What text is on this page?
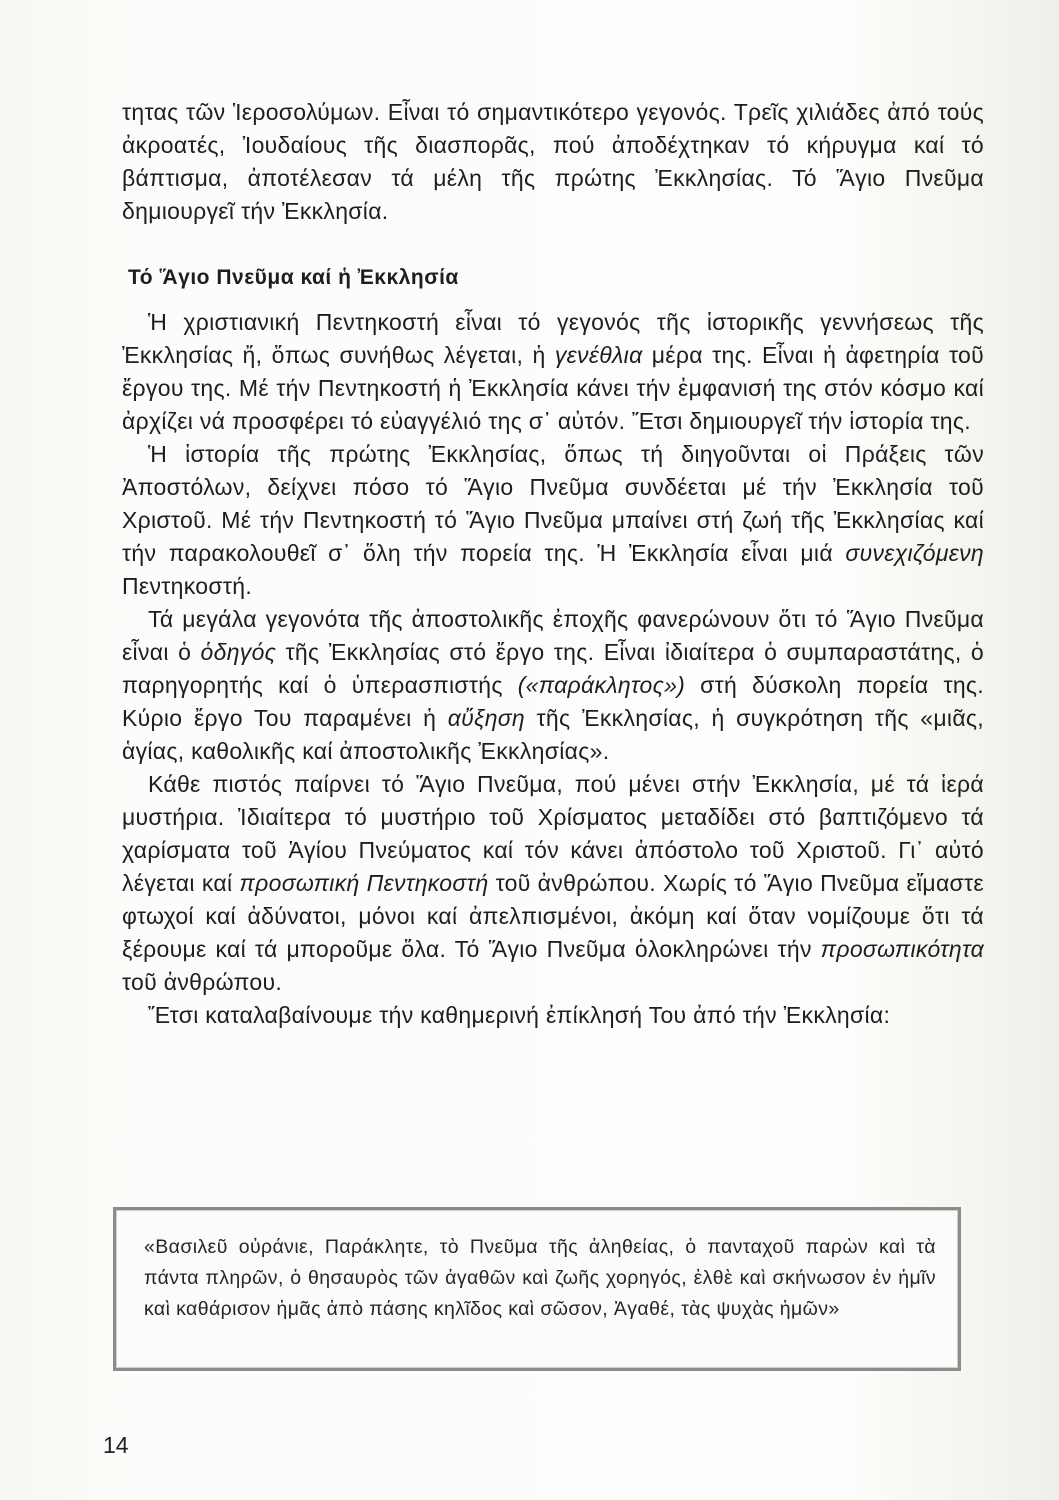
τητας τῶν Ἱεροσολύμων. Εἶναι τό σημαντικότερο γεγονός. Τρεῖς χιλιάδες ἀπό τούς ἀκροατές, Ἰουδαίους τῆς διασπορᾶς, πού ἀποδέχτηκαν τό κήρυγμα καί τό βάπτισμα, ἀποτέλεσαν τά μέλη τῆς πρώτης Ἐκκλησίας. Τό Ἅγιο Πνεῦμα δημιουργεῖ τήν Ἐκκλησία.

Τό Ἅγιο Πνεῦμα καί ἡ Ἐκκλησία

Ἡ χριστιανική Πεντηκοστή εἶναι τό γεγονός τῆς ἱστορικῆς γεννήσεως τῆς Ἐκκλησίας ἤ, ὅπως συνήθως λέγεται, ἡ γενέθλια μέρα της. Εἶναι ἡ ἀφετηρία τοῦ ἔργου της. Μέ τήν Πεντηκοστή ἡ Ἐκκλησία κάνει τήν ἐμφανισή της στόν κόσμο καί ἀρχίζει νά προσφέρει τό εὐαγγέλιό της σ᾽ αὐτόν. Ἔτσι δημιουργεῖ τήν ἱστορία της.

Ἡ ἱστορία τῆς πρώτης Ἐκκλησίας, ὅπως τή διηγοῦνται οἱ Πράξεις τῶν Ἀποστόλων, δείχνει πόσο τό Ἅγιο Πνεῦμα συνδέεται μέ τήν Ἐκκλησία τοῦ Χριστοῦ. Μέ τήν Πεντηκοστή τό Ἅγιο Πνεῦμα μπαίνει στή ζωή τῆς Ἐκκλησίας καί τήν παρακολουθεῖ σ᾽ ὅλη τήν πορεία της. Ἡ Ἐκκλησία εἶναι μιά συνεχιζόμενη Πεντηκοστή.

Τά μεγάλα γεγονότα τῆς ἀποστολικῆς ἐποχῆς φανερώνουν ὅτι τό Ἅγιο Πνεῦμα εἶναι ὁ ὁδηγός τῆς Ἐκκλησίας στό ἔργο της. Εἶναι ἰδιαίτερα ὁ συμπαραστάτης, ὁ παρηγορητής καί ὁ ὑπερασπιστής («παράκλητος») στή δύσκολη πορεία της. Κύριο ἔργο Του παραμένει ἡ αὔξηση τῆς Ἐκκλησίας, ἡ συγκρότηση τῆς «μιᾶς, ἁγίας, καθολικῆς καί ἀποστολικῆς Ἐκκλησίας».

Κάθε πιστός παίρνει τό Ἅγιο Πνεῦμα, πού μένει στήν Ἐκκλησία, μέ τά ἱερά μυστήρια. Ἰδιαίτερα τό μυστήριο τοῦ Χρίσματος μεταδίδει στό βαπτιζόμενο τά χαρίσματα τοῦ Ἁγίου Πνεύματος καί τόν κάνει ἀπόστολο τοῦ Χριστοῦ. Γι᾽ αὐτό λέγεται καί προσωπική Πεντηκοστή τοῦ ἀνθρώπου. Χωρίς τό Ἅγιο Πνεῦμα εἴμαστε φτωχοί καί ἀδύνατοι, μόνοι καί ἀπελπισμένοι, ἀκόμη καί ὅταν νομίζουμε ὅτι τά ξέρουμε καί τά μποροῦμε ὅλα. Τό Ἅγιο Πνεῦμα ὁλοκληρώνει τήν προσωπικότητα τοῦ ἀνθρώπου.

Ἔτσι καταλαβαίνουμε τήν καθημερινή ἐπίκλησή Του ἀπό τήν Ἐκκλησία:

«Βασιλεῦ οὐράνιε, Παράκλητε, τὸ Πνεῦμα τῆς ἀληθείας, ὁ πανταχοῦ παρὼν καὶ τὰ πάντα πληρῶν, ὁ θησαυρὸς τῶν ἀγαθῶν καὶ ζωῆς χορηγός, ἐλθὲ καὶ σκήνωσον ἐν ἡμῖν καὶ καθάρισον ἡμᾶς ἀπὸ πάσης κηλῖδος καὶ σῶσον, Ἀγαθέ, τὰς ψυχὰς ἡμῶν»

14
